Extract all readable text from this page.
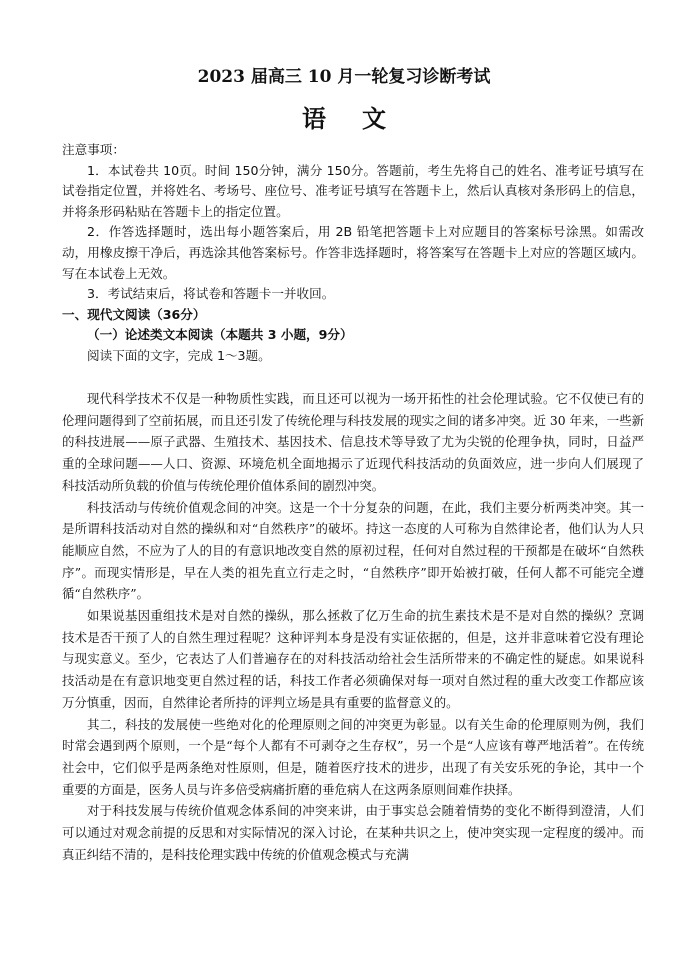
2023 届高三 10 月一轮复习诊断考试
语文

注意事项：

1．本试卷共 10页。时间 150分钟，满分 150分。答题前，考生先将自己的姓名、准考证号填写在试卷指定位置，并将姓名、考场号、座位号、准考证号填写在答题卡上，然后认真核对条形码上的信息，并将条形码粘贴在答题卡上的指定位置。

2．作答选择题时，选出每小题答案后，用 2B 铅笔把答题卡上对应题目的答案标号涂黑。如需改动，用橡皮擦干净后，再选涂其他答案标号。作答非选择题时，将答案写在答题卡上对应的答题区域内。写在本试卷上无效。

3．考试结束后，将试卷和答题卡一并收回。

一、现代文阅读（36分）

（一）论述类文本阅读（本题共 3 小题，9分）

阅读下面的文字，完成 1～3题。

现代科学技术不仅是一种物质性实践，而且还可以视为一场开拓性的社会伦理试验。它不仅使已有的伦理问题得到了空前拓展，而且还引发了传统伦理与科技发展的现实之间的诸多冲突。近 30 年来，一些新的科技进展——原子武器、生殖技术、基因技术、信息技术等导致了尤为尖锐的伦理争执，同时，日益严重的全球问题——人口、资源、环境危机全面地揭示了近现代科技活动的负面效应，进一步向人们展现了科技活动所负载的价值与传统伦理价值体系间的剧烈冲突。

科技活动与传统价值观念间的冲突。这是一个十分复杂的问题，在此，我们主要分析两类冲突。其一是所谓科技活动对自然的操纵和对“自然秩序”的破坏。持这一态度的人可称为自然律论者，他们认为人只能顺应自然，不应为了人的目的有意识地改变自然的原初过程，任何对自然过程的干预都是在破坏“自然秩序”。而现实情形是，早在人类的祖先直立行走之时，“自然秩序”即开始被打破，任何人都不可能完全遵循“自然秩序”。

如果说基因重组技术是对自然的操纵，那么拯救了亿万生命的抗生素技术是不是对自然的操纵？烹调技术是否干预了人的自然生理过程呢？这种评判本身是没有实证依据的，但是，这并非意味着它没有理论与现实意义。至少，它表达了人们普遍存在的对科技活动给社会生活所带来的不确定性的疑虑。如果说科技活动是在有意识地变更自然过程的话，科技工作者必须确保对每一项对自然过程的重大改变工作都应该万分慎重，因而，自然律论者所持的评判立场是具有重要的监督意义的。

其二，科技的发展使一些绝对化的伦理原则之间的冲突更为彰显。以有关生命的伦理原则为例，我们时常会遇到两个原则，一个是“每个人都有不可剥夺之生存权”，另一个是“人应该有尊严地活着”。在传统社会中，它们似乎是两条绝对性原则，但是，随着医疗技术的进步，出现了有关安乐死的争论，其中一个重要的方面是，医务人员与许多倍受病痛折磨的垂危病人在这两条原则间难作抉择。

对于科技发展与传统价值观念体系间的冲突来讲，由于事实总会随着情势的变化不断得到澄清，人们可以通过对观念前提的反思和对实际情况的深入讨论，在某种共识之上，使冲突实现一定程度的缓冲。而真正纠结不清的，是科技伦理实践中传统的价值观念模式与充满
